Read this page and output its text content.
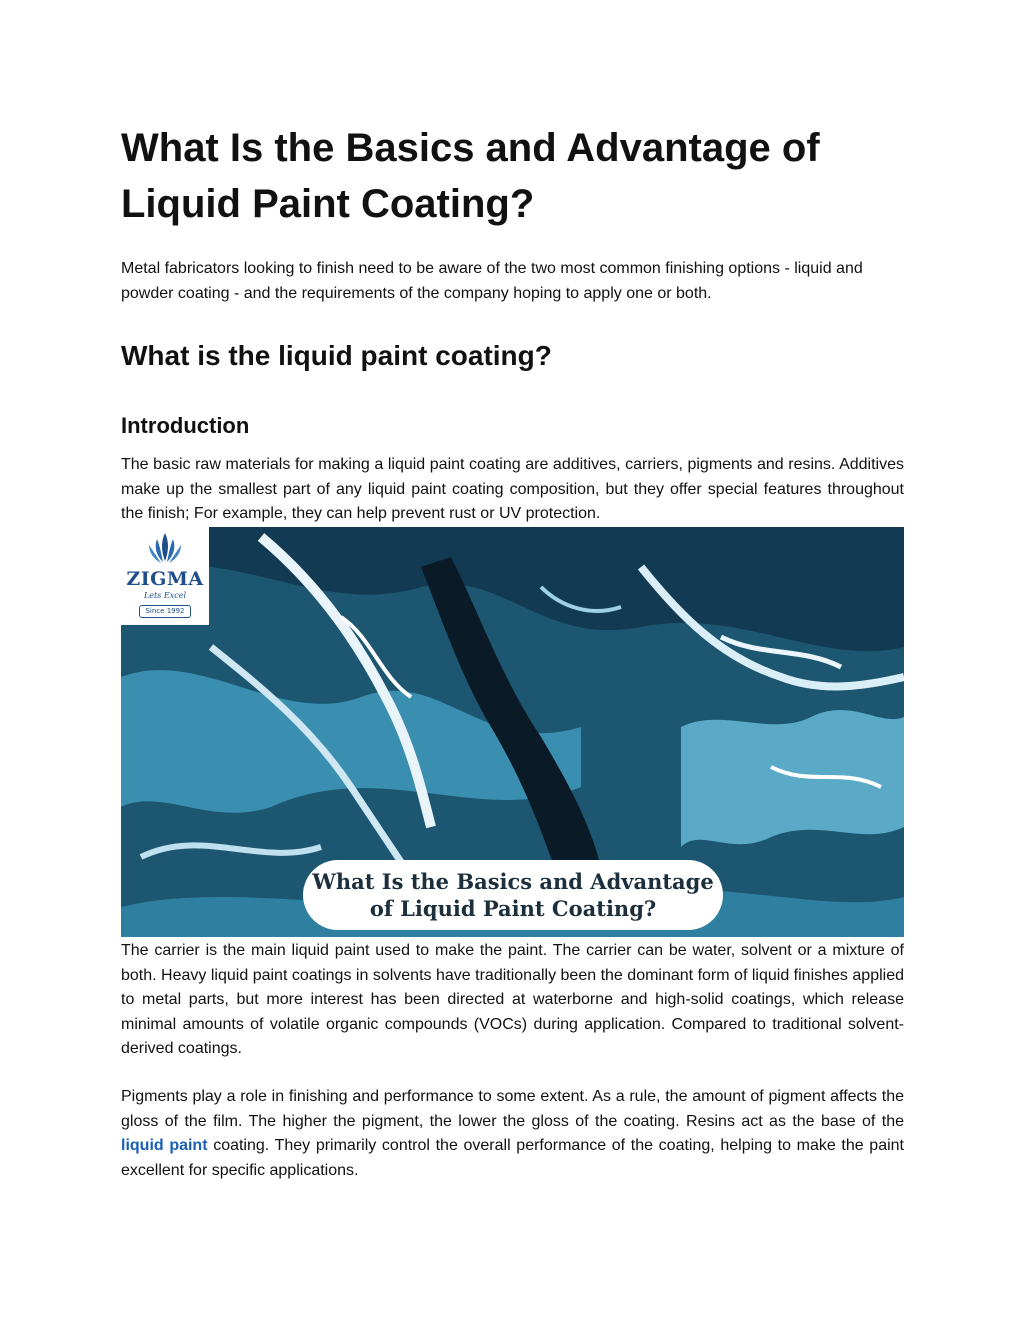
What Is the Basics and Advantage of Liquid Paint Coating?

Metal fabricators looking to finish need to be aware of the two most common finishing options - liquid and powder coating - and the requirements of the company hoping to apply one or both.

What is the liquid paint coating?
Introduction

The basic raw materials for making a liquid paint coating are additives, carriers, pigments and resins. Additives make up the smallest part of any liquid paint coating composition, but they offer special features throughout the finish; For example, they can help prevent rust or UV protection.

ZIGMA
Lets Excel
Since 1992
What Is the Basics and Advantage
of Liquid Paint Coating?

The carrier is the main liquid paint used to make the paint. The carrier can be water, solvent or a mixture of both. Heavy liquid paint coatings in solvents have traditionally been the dominant form of liquid finishes applied to metal parts, but more interest has been directed at waterborne and high-solid coatings, which release minimal amounts of volatile organic compounds (VOCs) during application. Compared to traditional solvent-derived coatings.

Pigments play a role in finishing and performance to some extent. As a rule, the amount of pigment affects the gloss of the film. The higher the pigment, the lower the gloss of the coating. Resins act as the base of the liquid paint coating. They primarily control the overall performance of the coating, helping to make the paint excellent for specific applications.
